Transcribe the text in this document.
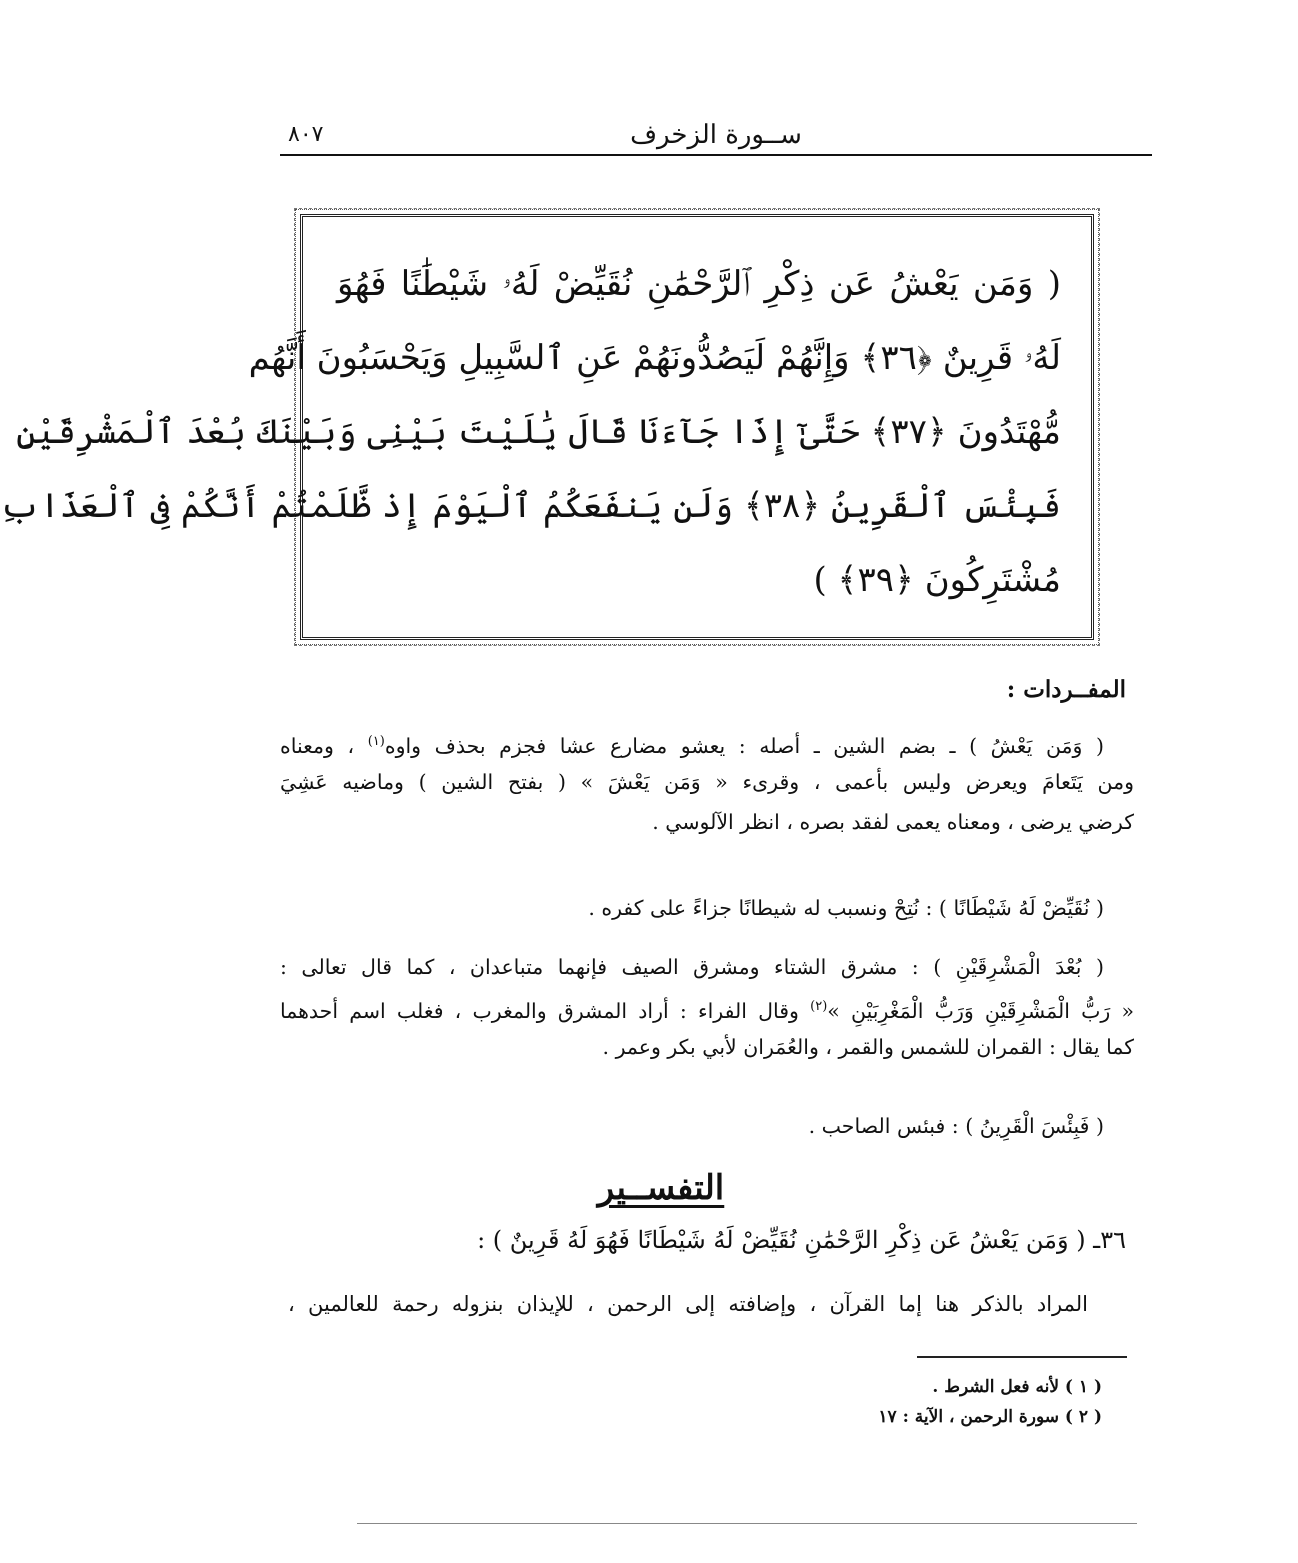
ســورة الزخرف
٨٠٧
( وَمَن يَعْشُ عَن ذِكْرِ ٱلرَّحْمَٰنِ نُقَيِّضْ لَهُۥ شَيْطَٰنًا فَهُوَ
لَهُۥ قَرِينٌ ﴿٣٦﴾ وَإِنَّهُمْ لَيَصُدُّونَهُمْ عَنِ ٱلسَّبِيلِ وَيَحْسَبُونَ أَنَّهُم
مُّهْتَدُونَ ﴿٣٧﴾ حَتَّىٰٓ إِذَا جَآءَنَا قَالَ يَٰلَيْتَ بَيْنِى وَبَيْنَكَ بُعْدَ ٱلْمَشْرِقَيْنِ
فَبِئْسَ ٱلْقَرِينُ ﴿٣٨﴾ وَلَن يَنفَعَكُمُ ٱلْيَوْمَ إِذ ظَّلَمْتُمْ أَنَّكُمْ فِى ٱلْعَذَابِ
مُشْتَرِكُونَ ﴿٣٩﴾ )
المفــردات :
( وَمَن يَعْشُ ) ـ بضم الشين ـ أصله : يعشو مضارع عشا فجزم بحذف واوه$^{(١)}$ ، ومعناه
ومن يَتَعامَ ويعرض وليس بأعمى ، وقرىء « وَمَن يَعْشَ » ( بفتح الشين ) وماضيه عَشِيَ
كرضي يرضى ، ومعناه يعمى لفقد بصره ، انظر الآلوسي .
( نُقَيِّضْ لَهُ شَيْطَانًا ) : نُتِحْ ونسبب له شيطانًا جزاءً على كفره .
( بُعْدَ الْمَشْرِقَيْنِ ) : مشرق الشتاء ومشرق الصيف فإنهما متباعدان ، كما قال تعالى :
« رَبُّ الْمَشْرِقَيْنِ وَرَبُّ الْمَغْرِبَيْنِ »$^{(٢)}$ وقال الفراء : أراد المشرق والمغرب ، فغلب اسم أحدهما
كما يقال : القمران للشمس والقمر ، والعُمَران لأبي بكر وعمر .
( فَبِئْسَ الْقَرِينُ ) : فبئس الصاحب .
التفســير
٣٦ـ ( وَمَن يَعْشُ عَن ذِكْرِ الرَّحْمَٰنِ نُقَيِّضْ لَهُ شَيْطَانًا فَهُوَ لَهُ قَرِينٌ ) :
المراد بالذكر هنا إما القرآن ، وإضافته إلى الرحمن ، للإيذان بنزوله رحمة للعالمين ،
( ١ ) لأنه فعل الشرط .
( ٢ ) سورة الرحمن ، الآية : ١٧
